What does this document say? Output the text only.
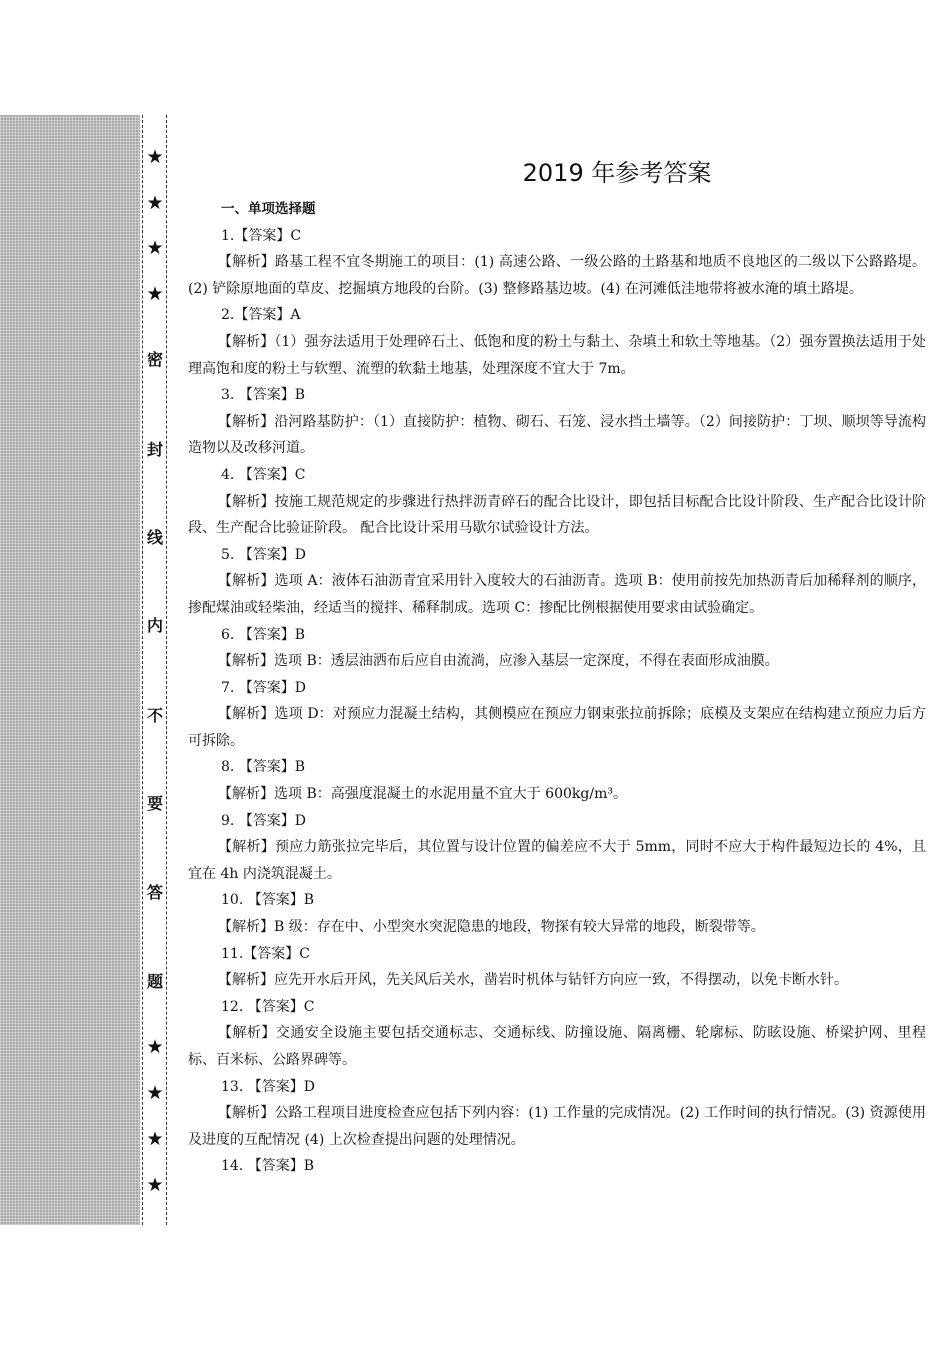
★
★
★
★
密
封
线
内
不
要
答
题
★
★
★
★
2019 年参考答案
一、单项选择题
1.【答案】C
【解析】路基工程不宜冬期施工的项目：(1) 高速公路、一级公路的土路基和地质不良地区的二级以下公路路堤。(2) 铲除原地面的草皮、挖掘填方地段的台阶。(3) 整修路基边坡。(4) 在河滩低洼地带将被水淹的填土路堤。
2.【答案】A
【解析】（1）强夯法适用于处理碎石土、低饱和度的粉土与黏土、杂填土和软土等地基。（2）强夯置换法适用于处理高饱和度的粉土与软塑、流塑的软黏土地基，处理深度不宜大于 7m。
3. 【答案】B
【解析】沿河路基防护：（1）直接防护：植物、砌石、石笼、浸水挡土墙等。（2）间接防护：丁坝、顺坝等导流构造物以及改移河道。
4. 【答案】C
【解析】按施工规范规定的步骤进行热拌沥青碎石的配合比设计，即包括目标配合比设计阶段、生产配合比设计阶段、生产配合比验证阶段。 配合比设计采用马歇尔试验设计方法。
5. 【答案】D
【解析】选项 A：液体石油沥青宜采用针入度较大的石油沥青。选项 B：使用前按先加热沥青后加稀释剂的顺序，掺配煤油或轻柴油，经适当的搅拌、稀释制成。选项 C：掺配比例根据使用要求由试验确定。
6. 【答案】B
【解析】选项 B：透层油洒布后应自由流淌，应渗入基层一定深度，不得在表面形成油膜。
7. 【答案】D
【解析】选项 D：对预应力混凝土结构，其侧模应在预应力钢束张拉前拆除；底模及支架应在结构建立预应力后方可拆除。
8. 【答案】B
【解析】选项 B：高强度混凝土的水泥用量不宜大于 600kg/m³。
9. 【答案】D
【解析】预应力筋张拉完毕后，其位置与设计位置的偏差应不大于 5mm，同时不应大于构件最短边长的 4%，且宜在 4h 内浇筑混凝土。
10. 【答案】B
【解析】B 级：存在中、小型突水突泥隐患的地段，物探有较大异常的地段，断裂带等。
11.【答案】C
【解析】应先开水后开风，先关风后关水，凿岩时机体与钻钎方向应一致，不得摆动，以免卡断水针。
12. 【答案】C
【解析】交通安全设施主要包括交通标志、交通标线、防撞设施、隔离栅、轮廓标、防眩设施、桥梁护网、里程标、百米标、公路界碑等。
13. 【答案】D
【解析】公路工程项目进度检查应包括下列内容：(1) 工作量的完成情况。(2) 工作时间的执行情况。(3) 资源使用及进度的互配情况 (4) 上次检查提出问题的处理情况。
14. 【答案】B
